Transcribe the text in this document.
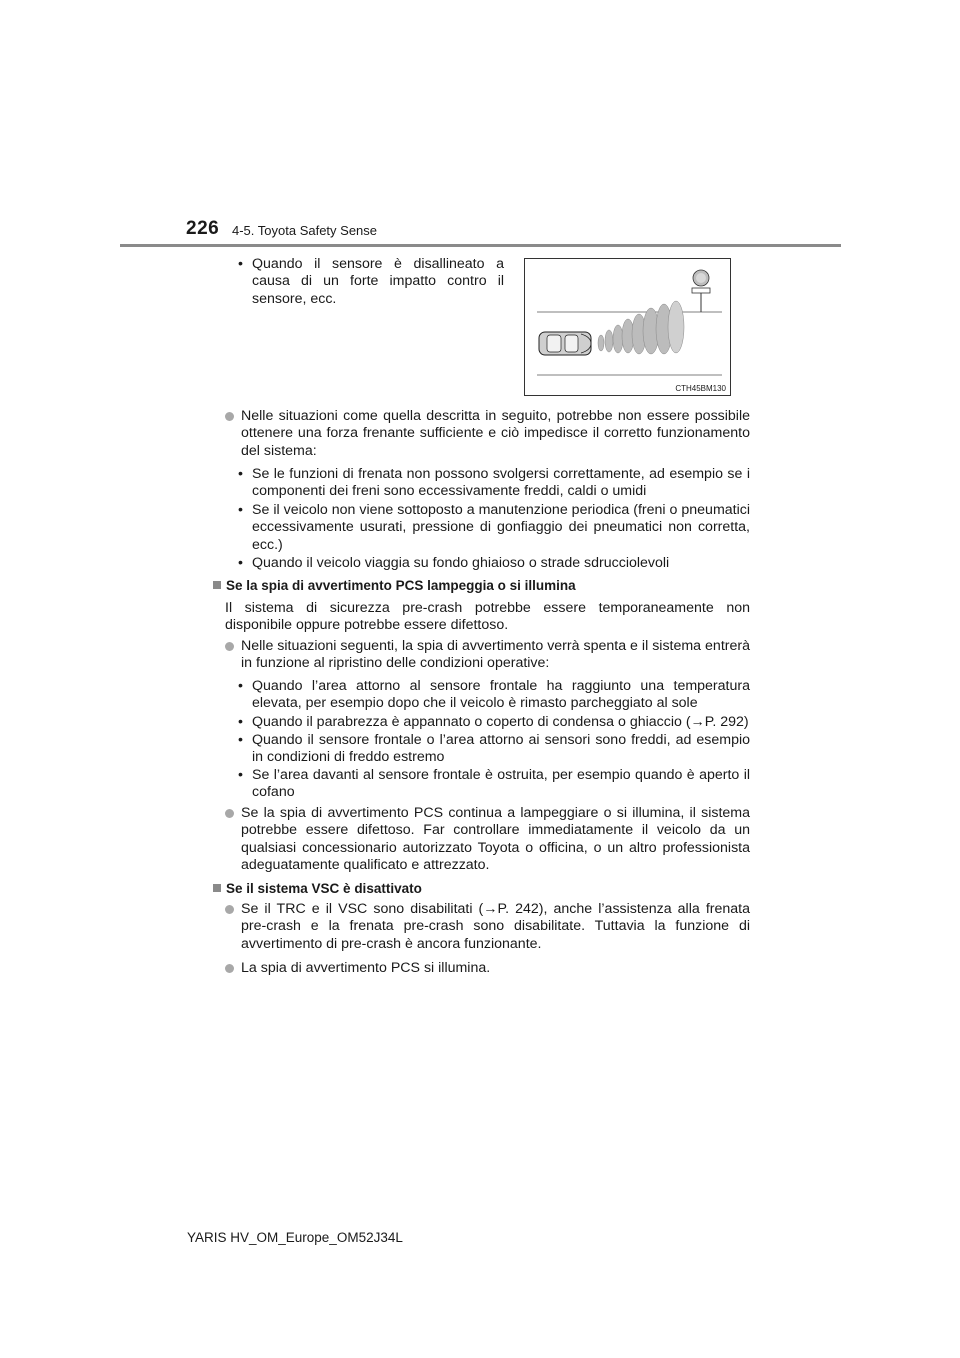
226 4-5. Toyota Safety Sense
• Quando il sensore è disallineato a causa di un forte impatto contro il sensore, ecc.
CTH45BM130
Nelle situazioni come quella descritta in seguito, potrebbe non essere possibile ottenere una forza frenante sufficiente e ciò impedisce il corretto funzionamento del sistema:
• Se le funzioni di frenata non possono svolgersi correttamente, ad esempio se i componenti dei freni sono eccessivamente freddi, caldi o umidi
• Se il veicolo non viene sottoposto a manutenzione periodica (freni o pneumatici eccessivamente usurati, pressione di gonfiaggio dei pneumatici non corretta, ecc.)
• Quando il veicolo viaggia su fondo ghiaioso o strade sdrucciolevoli
Se la spia di avvertimento PCS lampeggia o si illumina
Il sistema di sicurezza pre-crash potrebbe essere temporaneamente non disponibile oppure potrebbe essere difettoso.
Nelle situazioni seguenti, la spia di avvertimento verrà spenta e il sistema entrerà in funzione al ripristino delle condizioni operative:
• Quando l’area attorno al sensore frontale ha raggiunto una temperatura elevata, per esempio dopo che il veicolo è rimasto parcheggiato al sole
• Quando il parabrezza è appannato o coperto di condensa o ghiaccio (→P. 292)
• Quando il sensore frontale o l’area attorno ai sensori sono freddi, ad esempio in condizioni di freddo estremo
• Se l’area davanti al sensore frontale è ostruita, per esempio quando è aperto il cofano
Se la spia di avvertimento PCS continua a lampeggiare o si illumina, il sistema potrebbe essere difettoso. Far controllare immediatamente il veicolo da un qualsiasi concessionario autorizzato Toyota o officina, o un altro professionista adeguatamente qualificato e attrezzato.
Se il sistema VSC è disattivato
Se il TRC e il VSC sono disabilitati (→P. 242), anche l’assistenza alla frenata pre-crash e la frenata pre-crash sono disabilitate. Tuttavia la funzione di avvertimento di pre-crash è ancora funzionante.
La spia di avvertimento PCS si illumina.
YARIS HV_OM_Europe_OM52J34L
